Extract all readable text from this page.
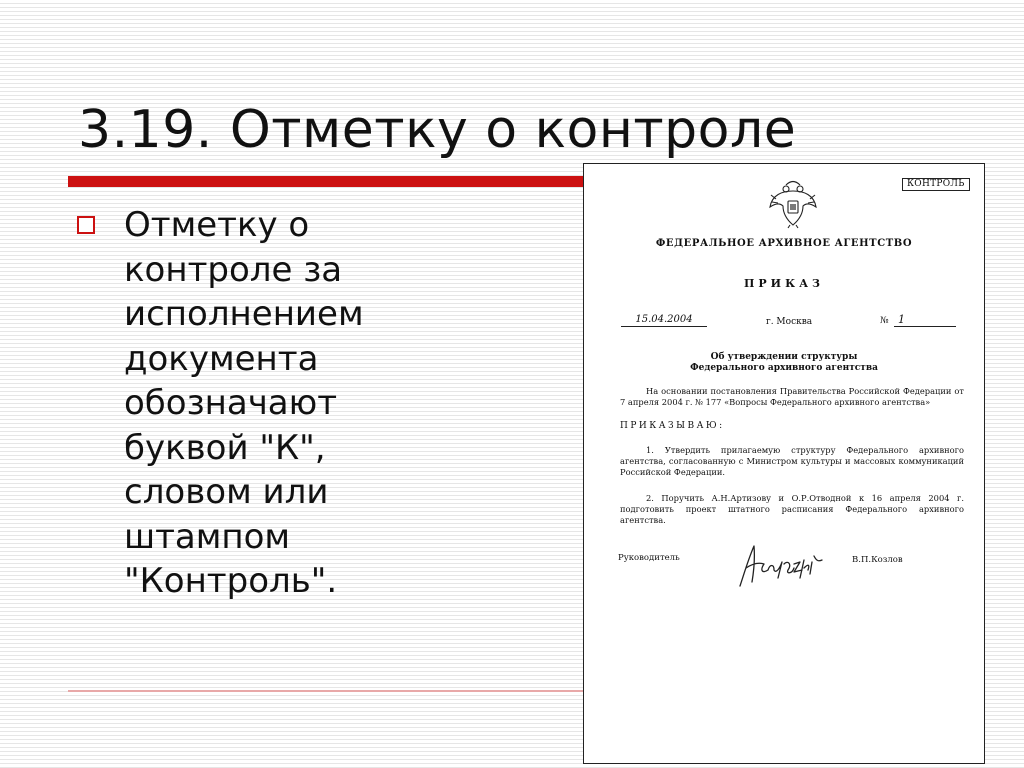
3.19. Отметку о контроле

Отметку о
контроле за
исполнением
документа
обозначают
буквой "К",
словом или
штампом
"Контроль".

КОНТРОЛЬ

ФЕДЕРАЛЬНОЕ АРХИВНОЕ АГЕНТСТВО

ПРИКАЗ

15.04.2004	г. Москва	№ 1

Об утверждении структуры
Федерального архивного агентства

На основании постановления Правительства Российской Федерации от 7 апреля 2004 г. № 177 «Вопросы Федерального архивного агентства»

ПРИКАЗЫВАЮ:

1. Утвердить прилагаемую структуру Федерального архивного агентства, согласованную с Министром культуры и массовых коммуникаций Российской Федерации.

2. Поручить А.Н.Артизову и О.Р.Отводной к 16 апреля 2004 г. подготовить проект штатного расписания Федерального архивного агентства.

Руководитель	В.П.Козлов
